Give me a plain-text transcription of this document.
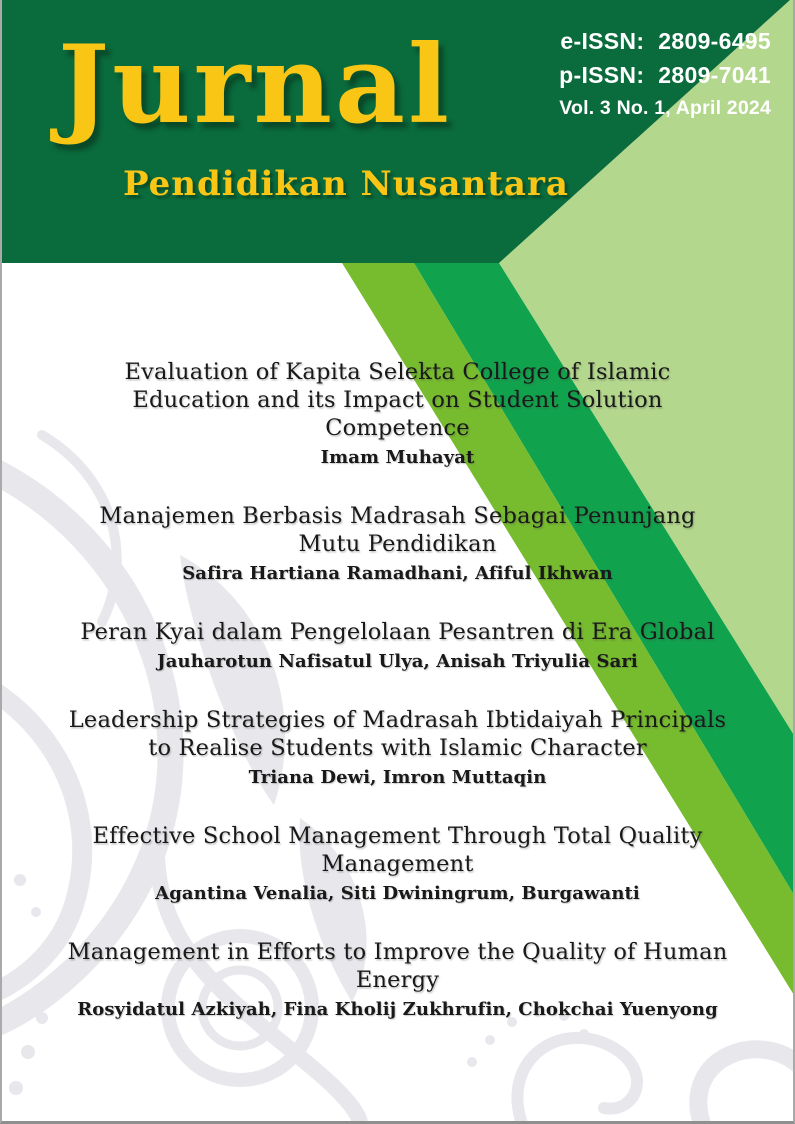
e-ISSN: 2809-6495
p-ISSN: 2809-7041
Vol. 3 No. 1, April 2024
Jurnal
Pendidikan Nusantara
Evaluation of Kapita Selekta College of Islamic Education and its Impact on Student Solution Competence
Imam Muhayat
Manajemen Berbasis Madrasah Sebagai Penunjang Mutu Pendidikan
Safira Hartiana Ramadhani, Afiful Ikhwan
Peran Kyai dalam Pengelolaan Pesantren di Era Global
Jauharotun Nafisatul Ulya, Anisah Triyulia Sari
Leadership Strategies of Madrasah Ibtidaiyah Principals to Realise Students with Islamic Character
Triana Dewi, Imron Muttaqin
Effective School Management Through Total Quality Management
Agantina Venalia, Siti Dwiningrum, Burgawanti
Management in Efforts to Improve the Quality of Human Energy
Rosyidatul Azkiyah, Fina Kholij Zukhrufin, Chokchai Yuenyong
